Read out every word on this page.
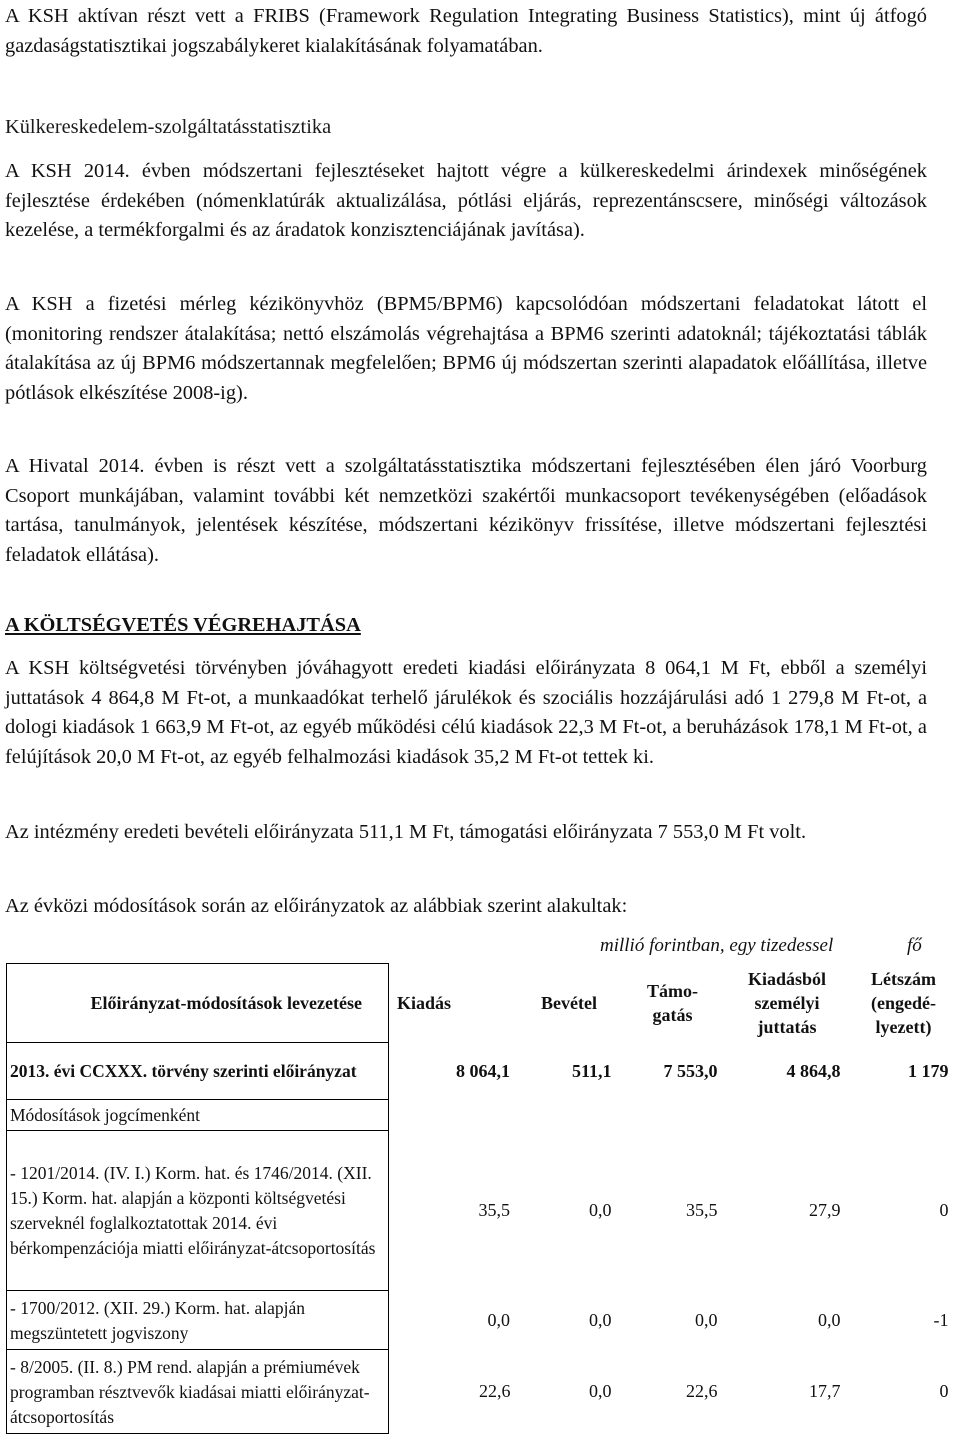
A KSH aktívan részt vett a FRIBS (Framework Regulation Integrating Business Statistics), mint új átfogó gazdaságstatisztikai jogszabálykeret kialakításának folyamatában.

Külkereskedelem-szolgáltatásstatisztika

A KSH 2014. évben módszertani fejlesztéseket hajtott végre a külkereskedelmi árindexek minőségének fejlesztése érdekében (nómenklatúrák aktualizálása, pótlási eljárás, reprezentánscsere, minőségi változások kezelése, a termékforgalmi és az áradatok konzisztenciájának javítása).

A KSH a fizetési mérleg kézikönyvhöz (BPM5/BPM6) kapcsolódóan módszertani feladatokat látott el (monitoring rendszer átalakítása; nettó elszámolás végrehajtása a BPM6 szerinti adatoknál; tájékoztatási táblák átalakítása az új BPM6 módszertannak megfelelően; BPM6 új módszertan szerinti alapadatok előállítása, illetve pótlások elkészítése 2008-ig).

A Hivatal 2014. évben is részt vett a szolgáltatásstatisztika módszertani fejlesztésében élen járó Voorburg Csoport munkájában, valamint további két nemzetközi szakértői munkacsoport tevékenységében (előadások tartása, tanulmányok, jelentések készítése, módszertani kézikönyv frissítése, illetve módszertani fejlesztési feladatok ellátása).

A KÖLTSÉGVETÉS VÉGREHAJTÁSA

A KSH költségvetési törvényben jóváhagyott eredeti kiadási előirányzata 8 064,1 M Ft, ebből a személyi juttatások 4 864,8 M Ft-ot, a munkaadókat terhelő járulékok és szociális hozzájárulási adó 1 279,8 M Ft-ot, a dologi kiadások 1 663,9 M Ft-ot, az egyéb működési célú kiadások 22,3 M Ft-ot, a beruházások 178,1 M Ft-ot, a felújítások 20,0 M Ft-ot, az egyéb felhalmozási kiadások 35,2 M Ft-ot tettek ki.

Az intézmény eredeti bevételi előirányzata 511,1 M Ft, támogatási előirányzata 7 553,0 M Ft volt.

Az évközi módosítások során az előirányzatok az alábbiak szerint alakultak:

millió forintban, egy tizedessel	fő

Előirányzat-módosítások levezetése	Kiadás	Bevétel	Támo-gatás	Kiadásból személyi juttatás	Létszám (engedé-lyezett)
2013. évi CCXXX. törvény szerinti előirányzat	8 064,1	511,1	7 553,0	4 864,8	1 179
Módosítások jogcímenként					
- 1201/2014. (IV. I.) Korm. hat. és 1746/2014. (XII. 15.) Korm. hat. alapján a központi költségvetési szerveknél foglalkoztatottak 2014. évi bérkompenzációja miatti előirányzat-átcsoportosítás	35,5	0,0	35,5	27,9	0
- 1700/2012. (XII. 29.) Korm. hat. alapján megszüntetett jogviszony	0,0	0,0	0,0	0,0	-1
- 8/2005. (II. 8.) PM rend. alapján a prémiumévek programban résztvevők kiadásai miatti előirányzat-átcsoportosítás	22,6	0,0	22,6	17,7	0
